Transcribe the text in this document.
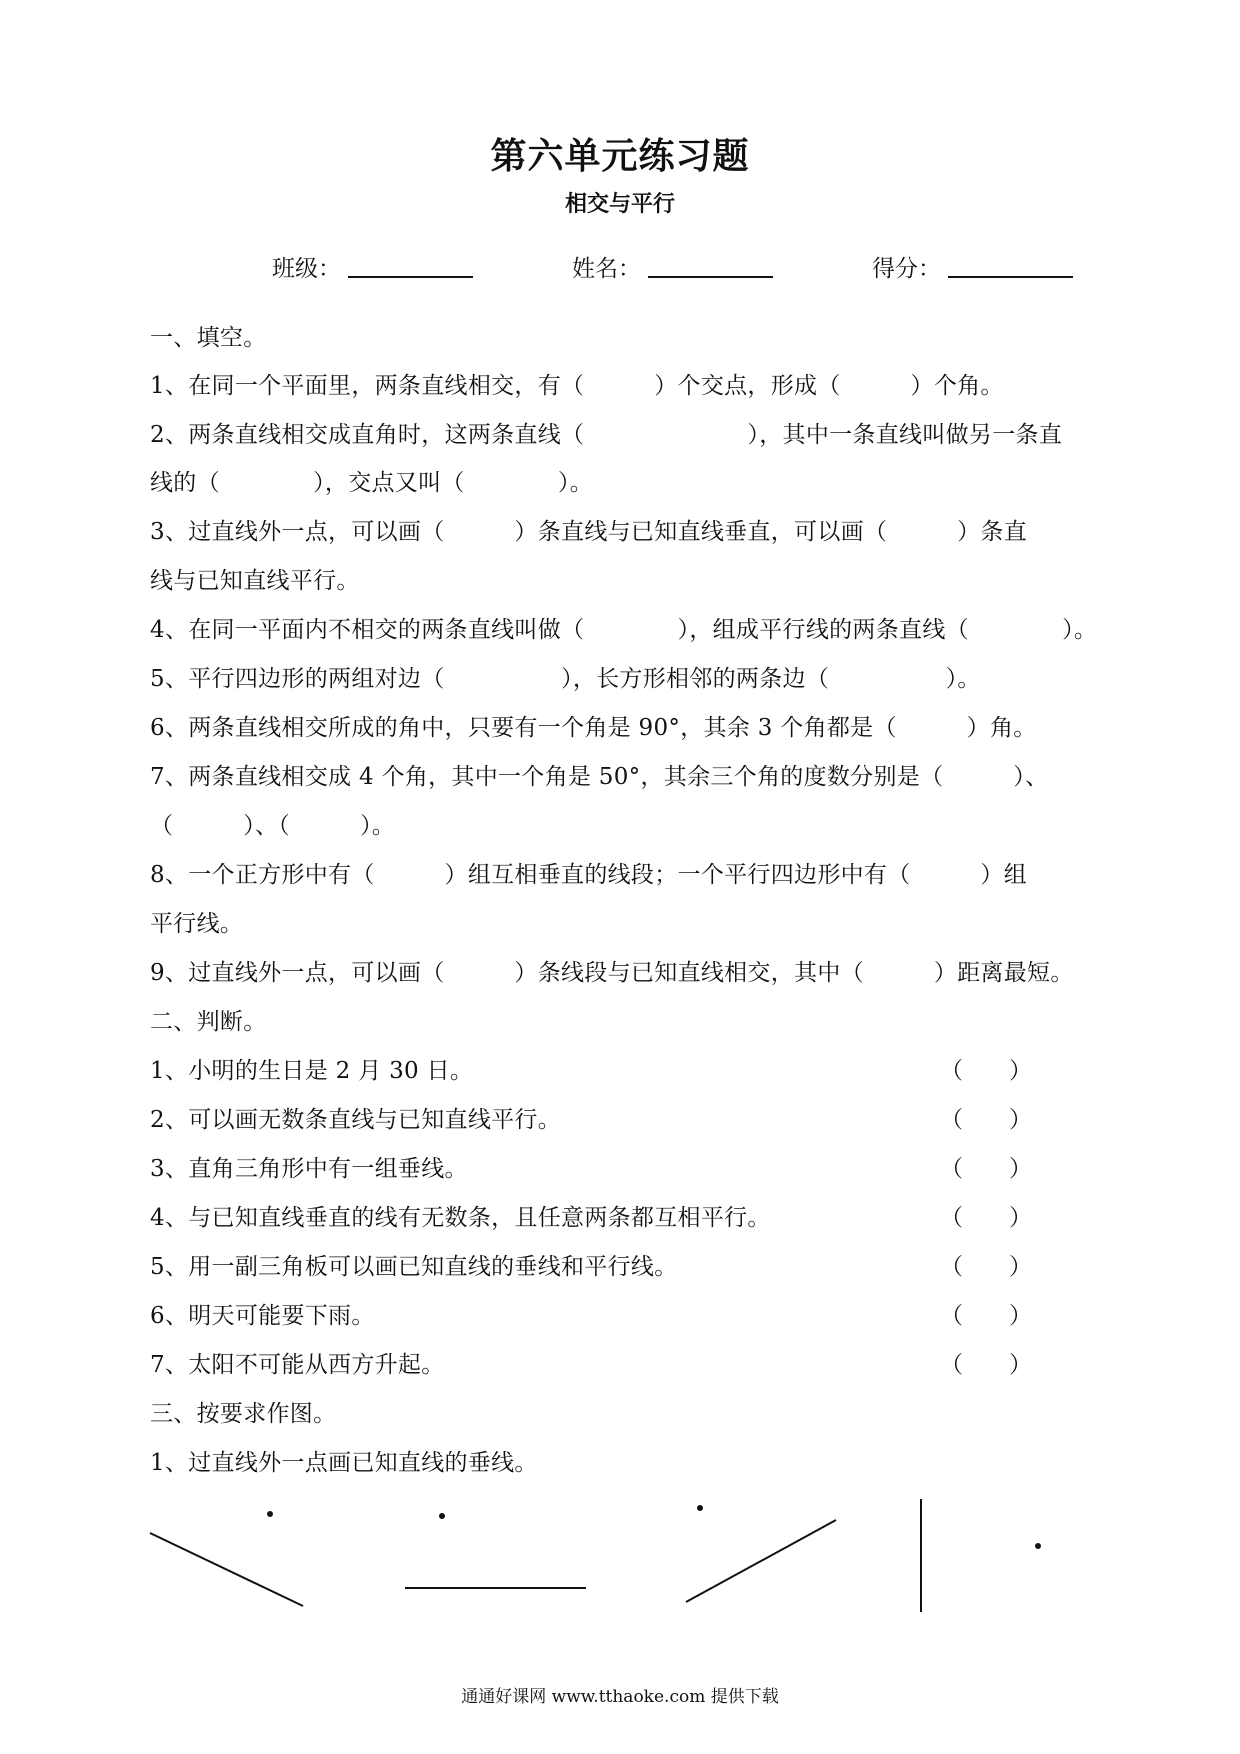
第六单元练习题
相交与平行
班级：	姓名：	得分：
一、填空。
1、在同一个平面里，两条直线相交，有（　　　）个交点，形成（　　　）个角。
2、两条直线相交成直角时，这两条直线（　　　　　　　），其中一条直线叫做另一条直
线的（　　　　），交点又叫（　　　　）。
3、过直线外一点，可以画（　　　）条直线与已知直线垂直，可以画（　　　）条直
线与已知直线平行。
4、在同一平面内不相交的两条直线叫做（　　　　），组成平行线的两条直线（　　　　）。
5、平行四边形的两组对边（　　　　　），长方形相邻的两条边（　　　　　）。
6、两条直线相交所成的角中，只要有一个角是 90°，其余 3 个角都是（　　　）角。
7、两条直线相交成 4 个角，其中一个角是 50°，其余三个角的度数分别是（　　　）、
（　　　）、（　　　）。
8、一个正方形中有（　　　）组互相垂直的线段；一个平行四边形中有（　　　）组
平行线。
9、过直线外一点，可以画（　　　）条线段与已知直线相交，其中（　　　）距离最短。
二、判断。
1、小明的生日是 2 月 30 日。	（　　）
2、可以画无数条直线与已知直线平行。	（　　）
3、直角三角形中有一组垂线。	（　　）
4、与已知直线垂直的线有无数条，且任意两条都互相平行。	（　　）
5、用一副三角板可以画已知直线的垂线和平行线。	（　　）
6、明天可能要下雨。	（　　）
7、太阳不可能从西方升起。	（　　）
三、按要求作图。
1、过直线外一点画已知直线的垂线。
通通好课网 www.tthaoke.com 提供下载
